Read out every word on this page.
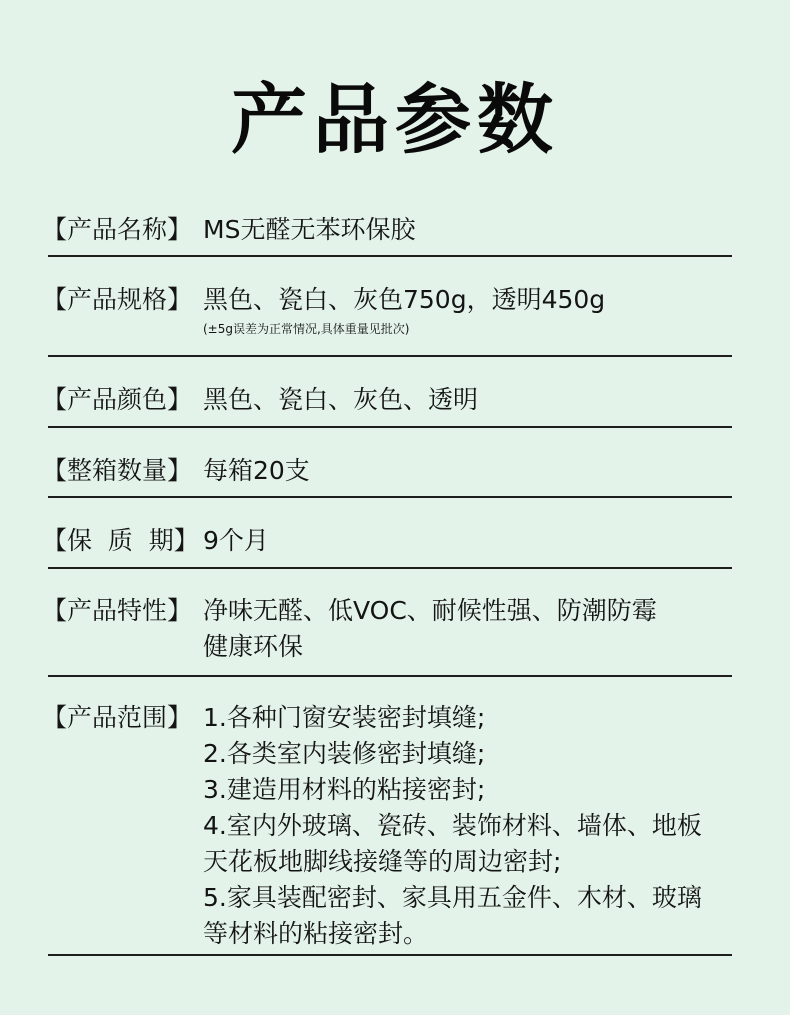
产品参数
【产品名称】 MS无醛无苯环保胶
【产品规格】 黑色、瓷白、灰色750g，透明450g
(±5g误差为正常情况,具体重量见批次)
【产品颜色】 黑色、瓷白、灰色、透明
【整箱数量】 每箱20支
【保  质  期】 9个月
【产品特性】 净味无醛、低VOC、耐候性强、防潮防霉
健康环保
【产品范围】 1.各种门窗安装密封填缝;
2.各类室内装修密封填缝;
3.建造用材料的粘接密封;
4.室内外玻璃、瓷砖、装饰材料、墙体、地板
天花板地脚线接缝等的周边密封;
5.家具装配密封、家具用五金件、木材、玻璃
等材料的粘接密封。
